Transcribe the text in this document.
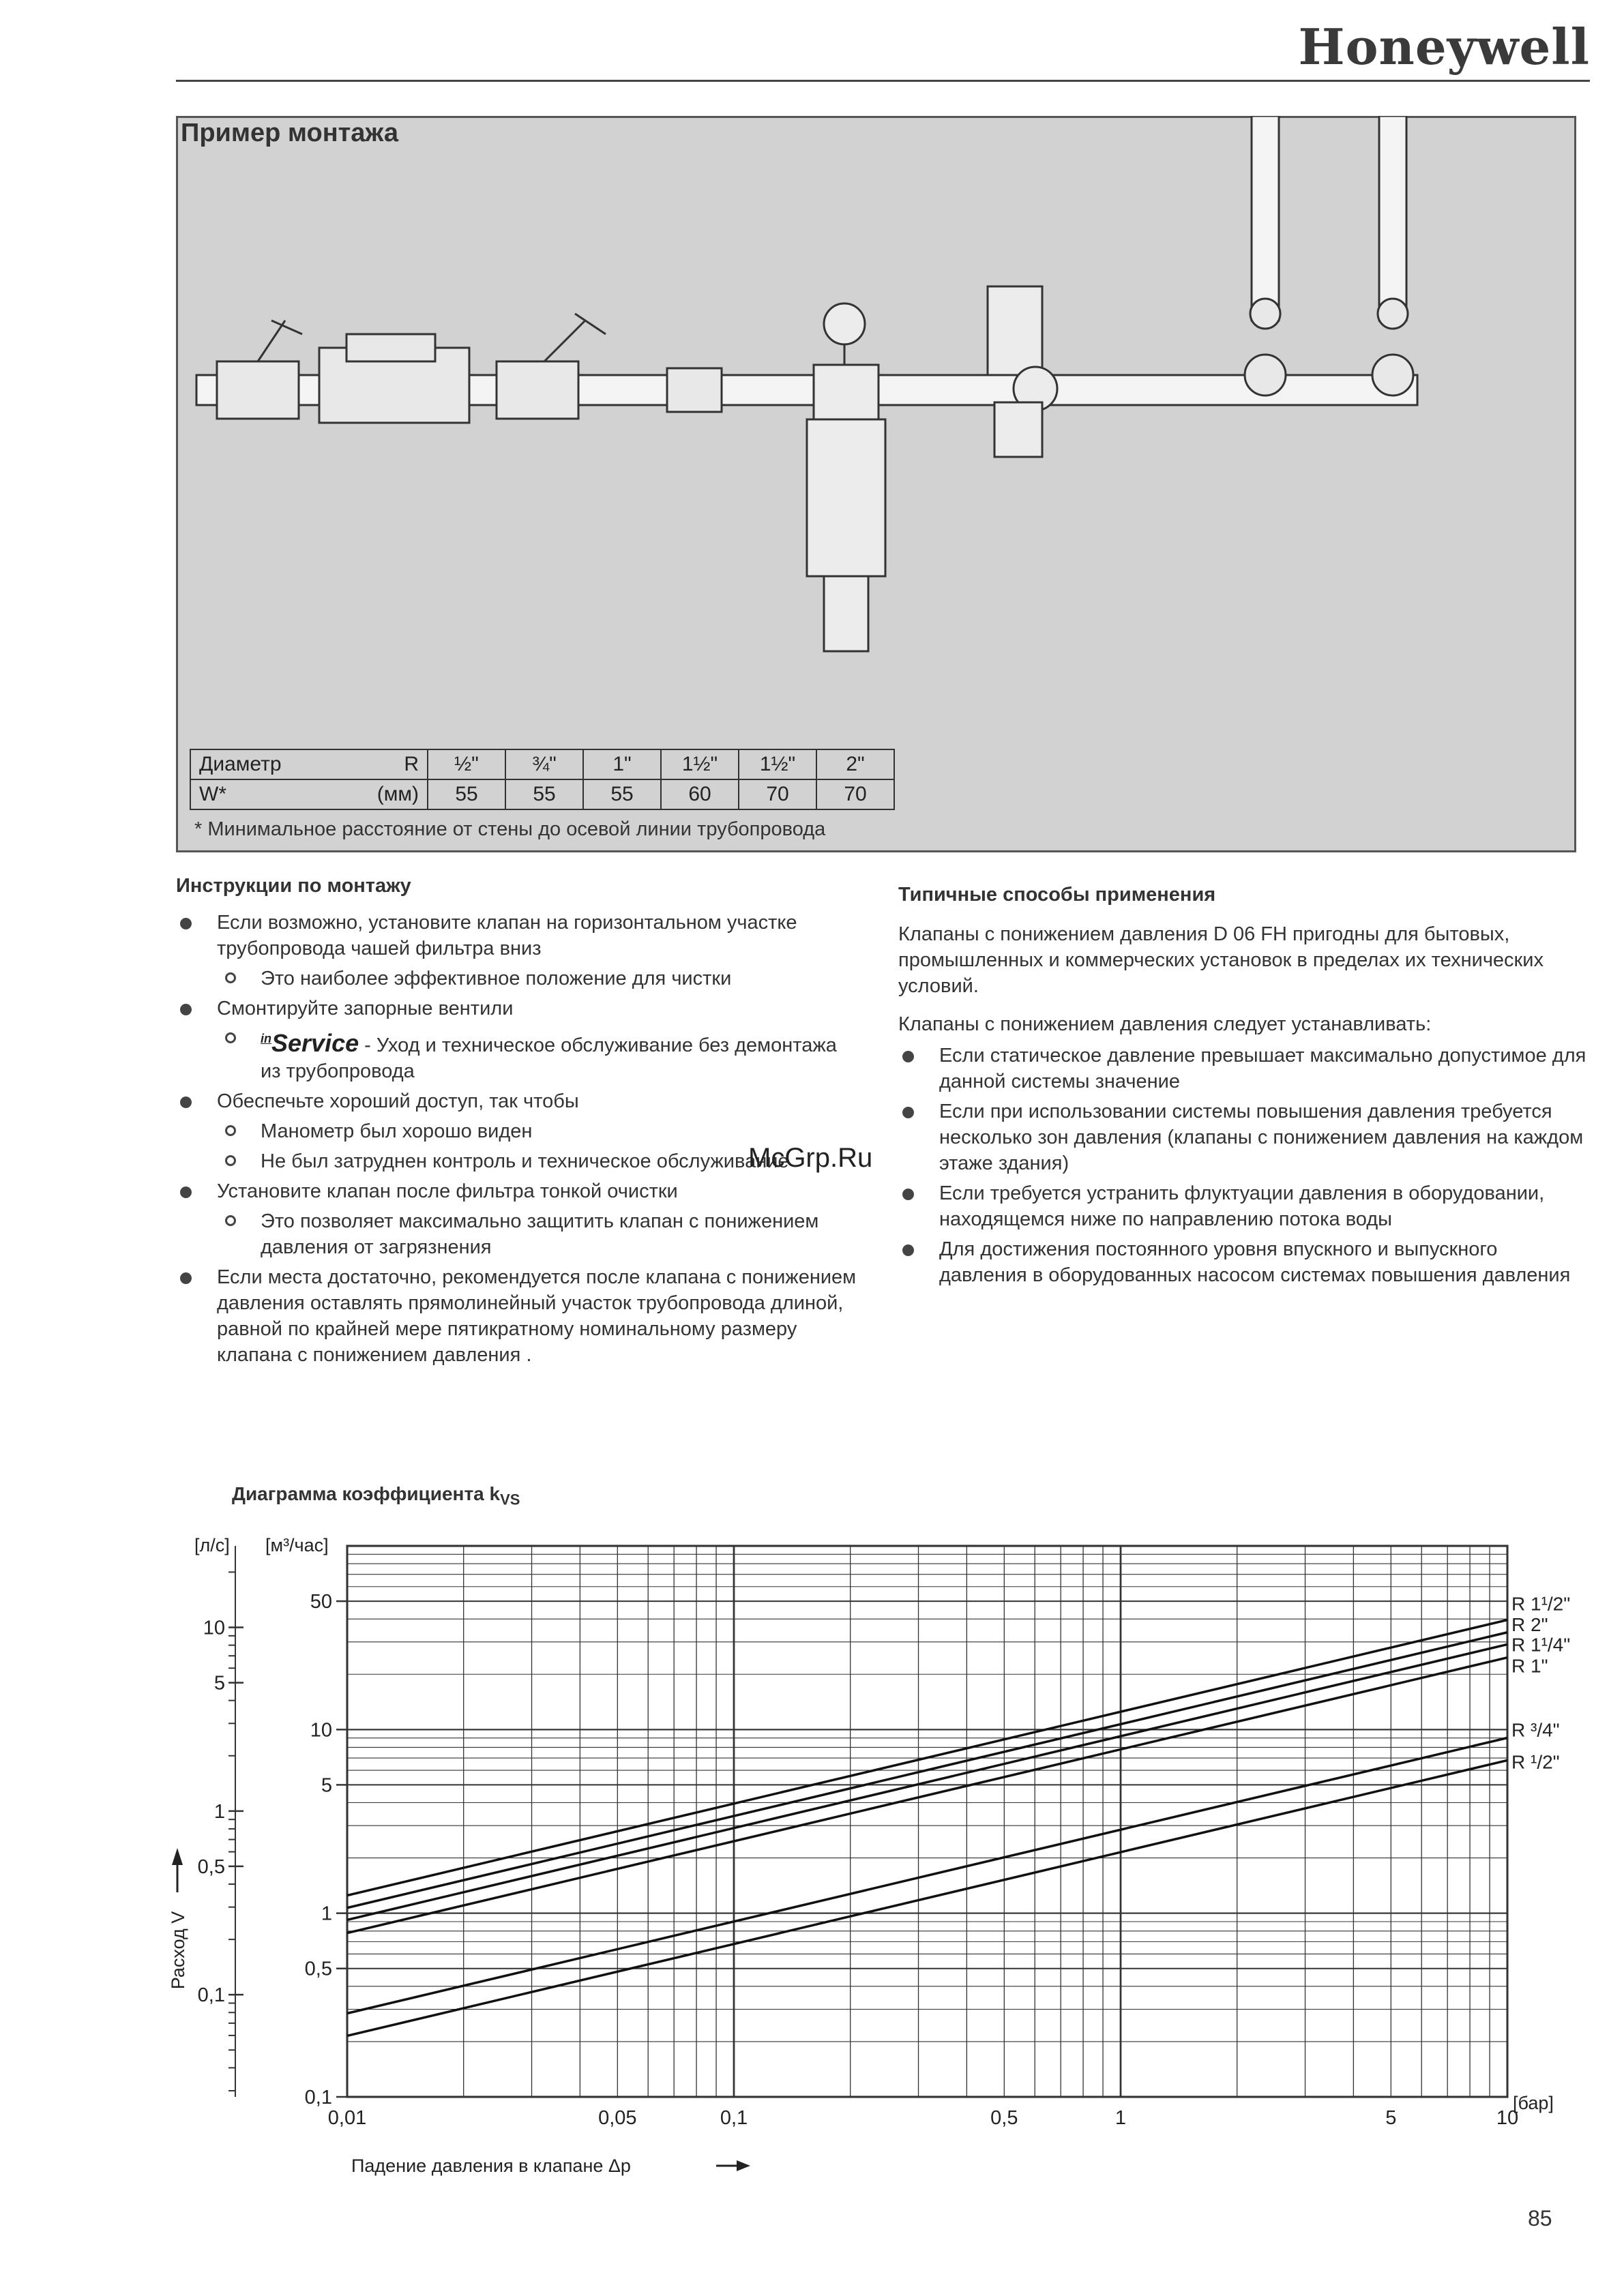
Honeywell
Пример монтажа
Диаметр R	½"	¾"	1"	1½"	1½"	2"
W* (мм)	55	55	55	60	70	70
* Минимальное расстояние от стены до осевой линии трубопровода
Инструкции по монтажу
Если возможно, установите клапан на горизонтальном участке трубопровода чашей фильтра вниз
Это наиболее эффективное положение для чистки
Смонтируйте запорные вентили
$^{in}$Service - Уход и техническое обслуживание без демонтажа из трубопровода
Обеспечьте хороший доступ, так чтобы
Манометр был хорошо виден
Не был затруднен контроль и техническое обслуживание
Установите клапан после фильтра тонкой очистки
Это позволяет максимально защитить клапан с понижением давления от загрязнения
Если места достаточно, рекомендуется после клапана с понижением давления оставлять прямолинейный участок трубопровода длиной, равной по крайней мере пятикратному номинальному размеру клапана с понижением давления .
Типичные способы применения

Клапаны с понижением давления D 06 FH пригодны для бытовых, промышленных и коммерческих установок в пределах их технических условий.

Клапаны с понижением давления следует устанавливать:

Если статическое давление превышает максимально допустимое для данной системы значение
Если при использовании системы повышения давления требуется несколько зон давления (клапаны с понижением давления на каждом этаже здания)
Если требуется устранить флуктуации давления в оборудовании, находящемся ниже по направлению потока воды
Для достижения постоянного уровня впускного и выпускного давления в оборудованных насосом системах повышения давления
McGrp.Ru
Диаграмма коэффициента $k_{VS}$
10
5
1
0,5
0,1
50
10
5
1
0,5
0,1
0,01	0,05	0,1	0,5	1	5	10
[л/с] [м³/час]
[бар]
Падение давления в клапане Δp
Расход V
R 1¹/2"
R 2"
R 1¹/4"
R 1"
R ³/4"
R ¹/2"
85
